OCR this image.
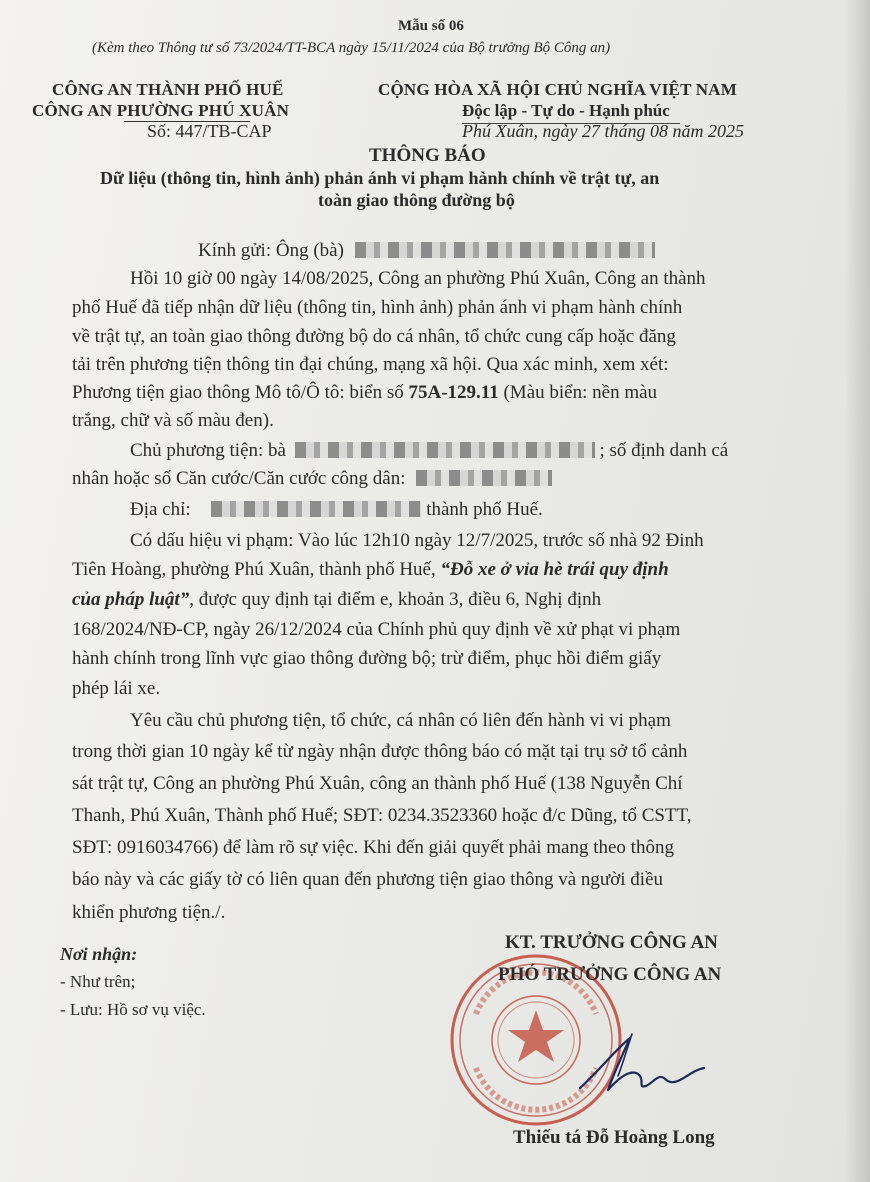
Mẫu số 06
(Kèm theo Thông tư số 73/2024/TT-BCA ngày 15/11/2024 của Bộ trưởng Bộ Công an)
CÔNG AN THÀNH PHỐ HUẾ
CÔNG AN PHƯỜNG PHÚ XUÂN
Số: 447/TB-CAP
CỘNG HÒA XÃ HỘI CHỦ NGHĨA VIỆT NAM
Độc lập - Tự do - Hạnh phúc
Phú Xuân, ngày 27 tháng 08 năm 2025
THÔNG BÁO
Dữ liệu (thông tin, hình ảnh) phản ánh vi phạm hành chính về trật tự, an
toàn giao thông đường bộ
Kính gửi: Ông (bà)
Hồi 10 giờ 00 ngày 14/08/2025, Công an phường Phú Xuân, Công an thành
phố Huế đã tiếp nhận dữ liệu (thông tin, hình ảnh) phản ánh vi phạm hành chính
về trật tự, an toàn giao thông đường bộ do cá nhân, tổ chức cung cấp hoặc đăng
tải trên phương tiện thông tin đại chúng, mạng xã hội. Qua xác minh, xem xét:
Phương tiện giao thông Mô tô/Ô tô: biển số 75A-129.11 (Màu biển: nền màu
trắng, chữ và số màu đen).
Chủ phương tiện: bà	; số định danh cá
nhân hoặc số Căn cước/Căn cước công dân:
Địa chỉ:	thành phố Huế.
Có dấu hiệu vi phạm: Vào lúc 12h10 ngày 12/7/2025, trước số nhà 92 Đinh
Tiên Hoàng, phường Phú Xuân, thành phố Huế, “Đỗ xe ở vỉa hè trái quy định
của pháp luật”, được quy định tại điểm e, khoản 3, điều 6, Nghị định
168/2024/NĐ-CP, ngày 26/12/2024 của Chính phủ quy định về xử phạt vi phạm
hành chính trong lĩnh vực giao thông đường bộ; trừ điểm, phục hồi điểm giấy
phép lái xe.
Yêu cầu chủ phương tiện, tổ chức, cá nhân có liên đến hành vi vi phạm
trong thời gian 10 ngày kể từ ngày nhận được thông báo có mặt tại trụ sở tổ cảnh
sát trật tự, Công an phường Phú Xuân, công an thành phố Huế (138 Nguyễn Chí
Thanh, Phú Xuân, Thành phố Huế; SĐT: 0234.3523360 hoặc đ/c Dũng, tổ CSTT,
SĐT: 0916034766) để làm rõ sự việc. Khi đến giải quyết phải mang theo thông
báo này và các giấy tờ có liên quan đến phương tiện giao thông và người điều
khiển phương tiện./.
Nơi nhận:
- Như trên;
- Lưu: Hồ sơ vụ việc.
KT. TRƯỞNG CÔNG AN
PHÓ TRƯỞNG CÔNG AN
Thiếu tá Đỗ Hoàng Long
